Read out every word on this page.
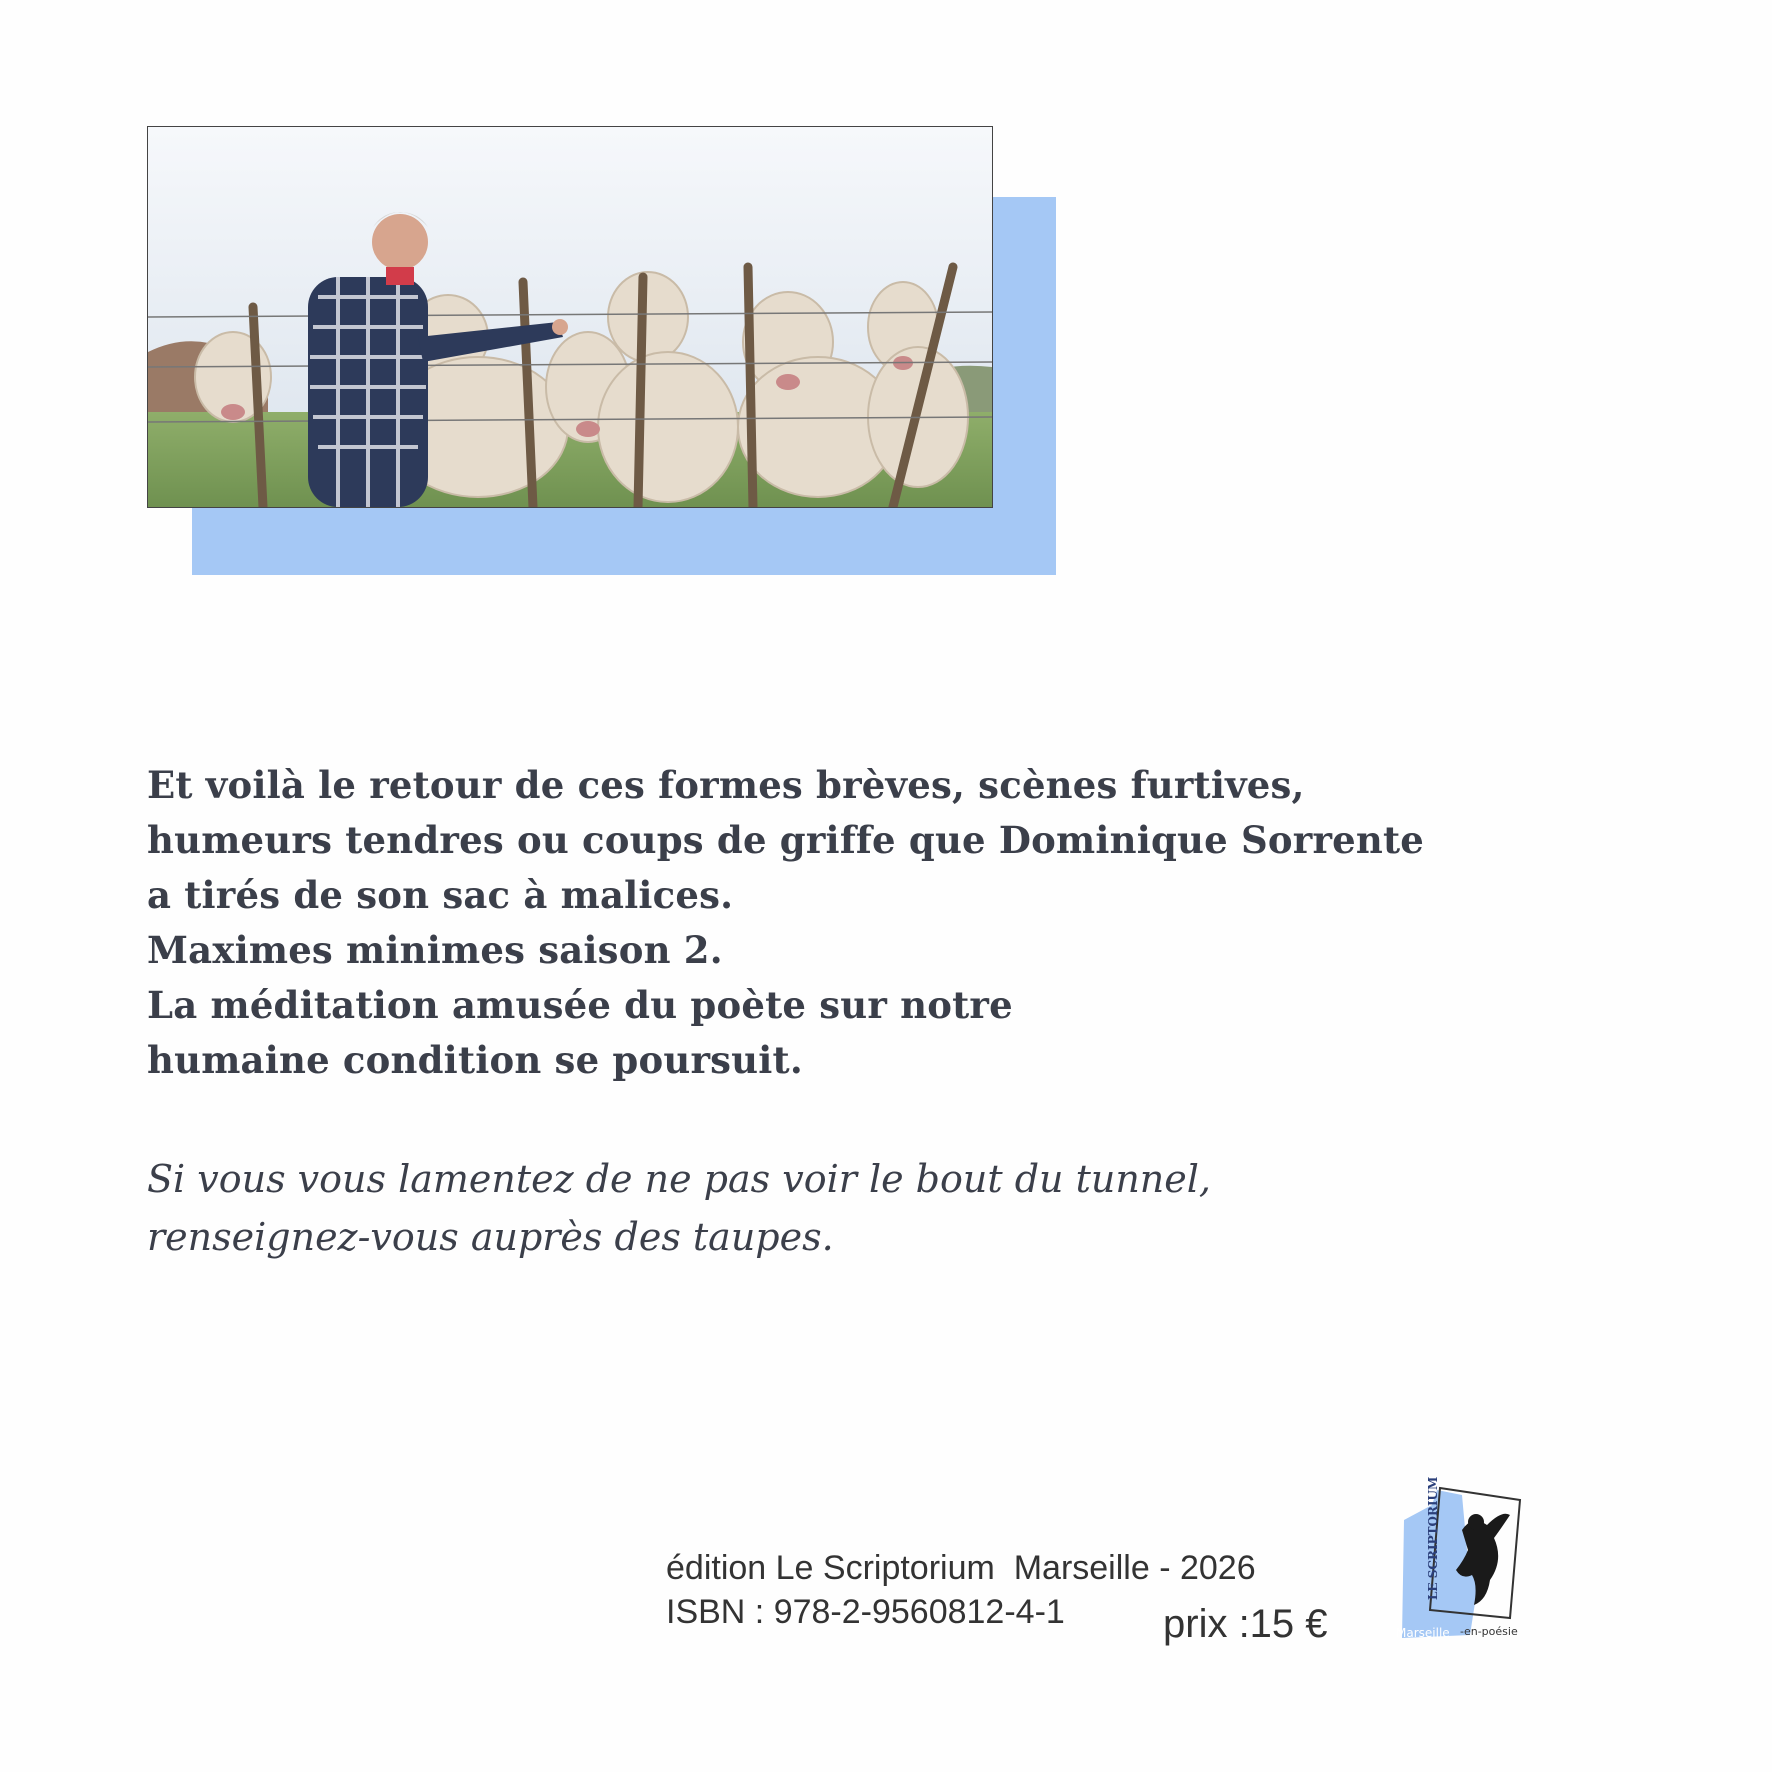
Et voilà le retour de ces formes brèves, scènes furtives,
humeurs tendres ou coups de griffe que Dominique Sorrente
a tirés de son sac à malices.
Maximes minimes saison 2.
La méditation amusée du poète sur notre
humaine condition se poursuit.
Si vous vous lamentez de ne pas voir le bout du tunnel,
renseignez-vous auprès des taupes.
édition Le Scriptorium  Marseille - 2026
ISBN : 978-2-9560812-4-1	prix :15 €
LE SCRIPTORIUM
Marseille -en-poésie
